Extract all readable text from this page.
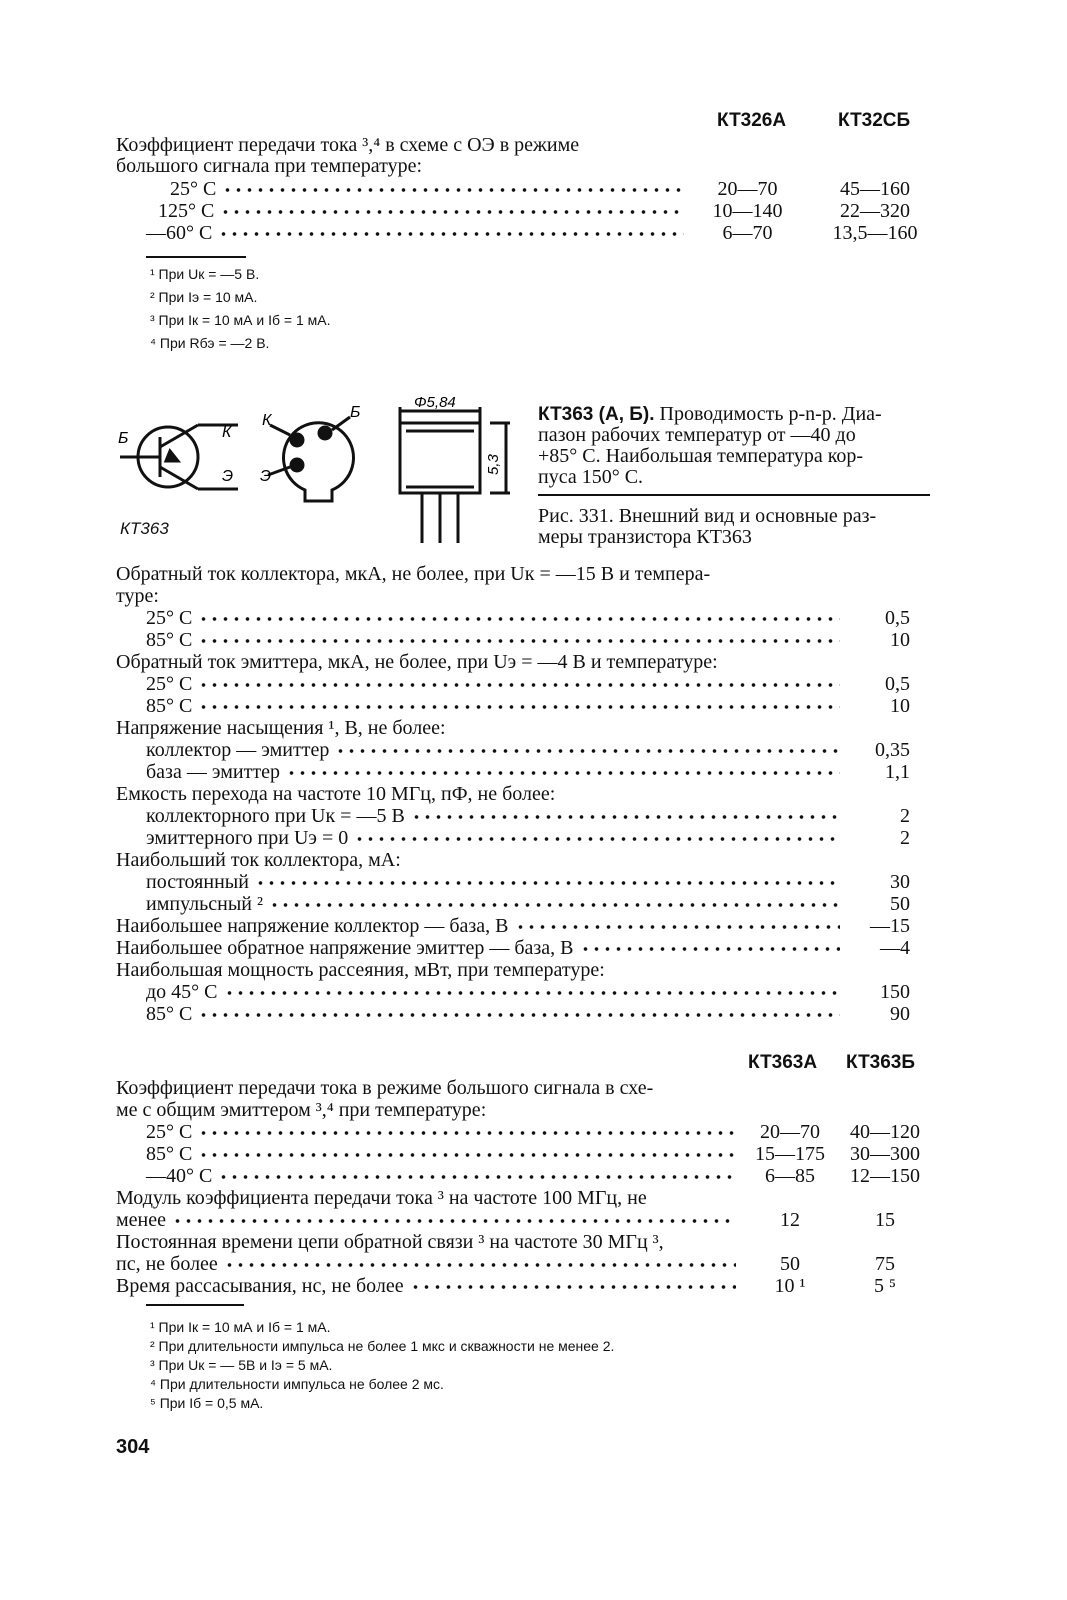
КТ326А	КТ32СБ
Коэффициент передачи тока ³,⁴ в схеме с ОЭ в режиме
большого сигнала при температуре:
25° С	20—70	45—160
125° С	10—140	22—320
—60° С	6—70	13,5—160
¹ При Uк = —5 В.
² При Iэ = 10 мА.
³ При Iк = 10 мА и Iб = 1 мА.
⁴ При Rбэ = —2 В.
Б	К
Э
К	Б
Э
Φ5,84
5,3
КТ363
КТ363 (А, Б). Проводимость p-n-p. Диа-
пазон рабочих температур от —40 до
+85° С. Наибольшая температура кор-
пуса 150° С.
Рис. 331. Внешний вид и основные раз-
меры транзистора КТ363
Обратный ток коллектора, мкА, не более, при Uк = —15 В и темпера-
туре:
25° С	0,5
85° С	10
Обратный ток эмиттера, мкА, не более, при Uэ = —4 В и температуре:
25° С	0,5
85° С	10
Напряжение насыщения ¹, В, не более:
коллектор — эмиттер	0,35
база — эмиттер	1,1
Емкость перехода на частоте 10 МГц, пФ, не более:
коллекторного при Uк = —5 В	2
эмиттерного при Uэ = 0	2
Наибольший ток коллектора, мА:
постоянный	30
импульсный ²	50
Наибольшее напряжение коллектор — база, В	—15
Наибольшее обратное напряжение эмиттер — база, В	—4
Наибольшая мощность рассеяния, мВт, при температуре:
до 45° С	150
85° С	90
КТ363А КТ363Б
Коэффициент передачи тока в режиме большого сигнала в схе-
ме с общим эмиттером ³,⁴ при температуре:
25° С	20—70	40—120
85° С	15—175	30—300
—40° С	6—85	12—150
Модуль коэффициента передачи тока ³ на частоте 100 МГц, не
менее	12	15
Постоянная времени цепи обратной связи ³ на частоте 30 МГц ³,
пс, не более	50	75
Время рассасывания, нс, не более	10 ¹	5 ⁵
¹ При Iк = 10 мА и Iб = 1 мА.
² При длительности импульса не более 1 мкс и скважности не менее 2.
³ При Uк = — 5В и Iэ = 5 мА.
⁴ При длительности импульса не более 2 мс.
⁵ При Iб = 0,5 мА.
304
